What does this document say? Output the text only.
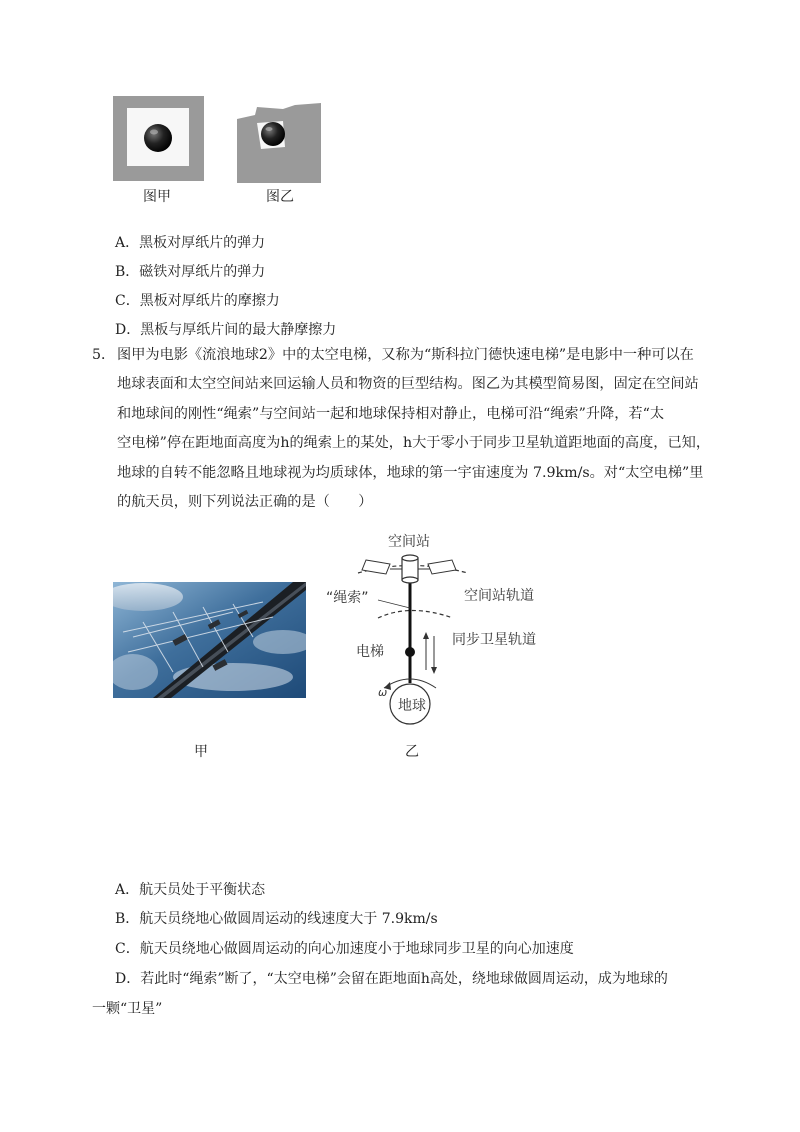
图甲	图乙
A．黑板对厚纸片的弹力
B．磁铁对厚纸片的弹力
C．黑板对厚纸片的摩擦力
D．黑板与厚纸片间的最大静摩擦力
5． 图甲为电影《流浪地球2》中的太空电梯，又称为“斯科拉门德快速电梯”是电影中一种可以在
地球表面和太空空间站来回运输人员和物资的巨型结构。图乙为其模型简易图，固定在空间站
和地球间的刚性“绳索”与空间站一起和地球保持相对静止，电梯可沿“绳索”升降，若“太
空电梯”停在距地面高度为h的绳索上的某处，h大于零小于同步卫星轨道距地面的高度，已知，
地球的自转不能忽略且地球视为均质球体，地球的第一宇宙速度为 7.9km/s。对“太空电梯”里
的航天员，则下列说法正确的是（　　）
甲
空间站
“绳索”	空间站轨道
同步卫星轨道
电梯
地球
ω
乙
A．航天员处于平衡状态
B．航天员绕地心做圆周运动的线速度大于 7.9km/s
C．航天员绕地心做圆周运动的向心加速度小于地球同步卫星的向心加速度
D．若此时“绳索”断了，“太空电梯”会留在距地面h高处，绕地球做圆周运动，成为地球的
一颗“卫星”
